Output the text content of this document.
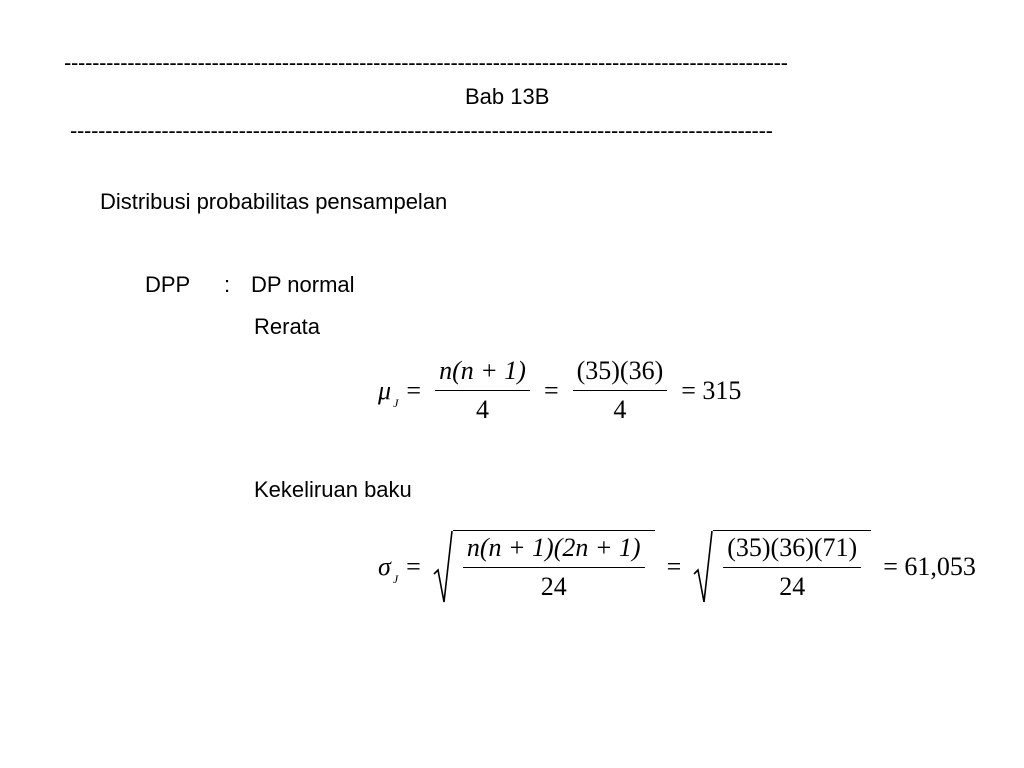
-------------------------------------------------------------------------------------------------------
Bab 13B
----------------------------------------------------------------------------------------------------
Distribusi probabilitas pensampelan
DPP : DP normal
Rerata
μ $_J = \frac{n(n + 1)}{4} = \frac{(35)(36)}{4} = 315$
Kekeliruan baku
σ $_J = \frac{n(n + 1)(2n + 1)}{24} = \frac{(35)(36)(71)}{24} = 61,053$
